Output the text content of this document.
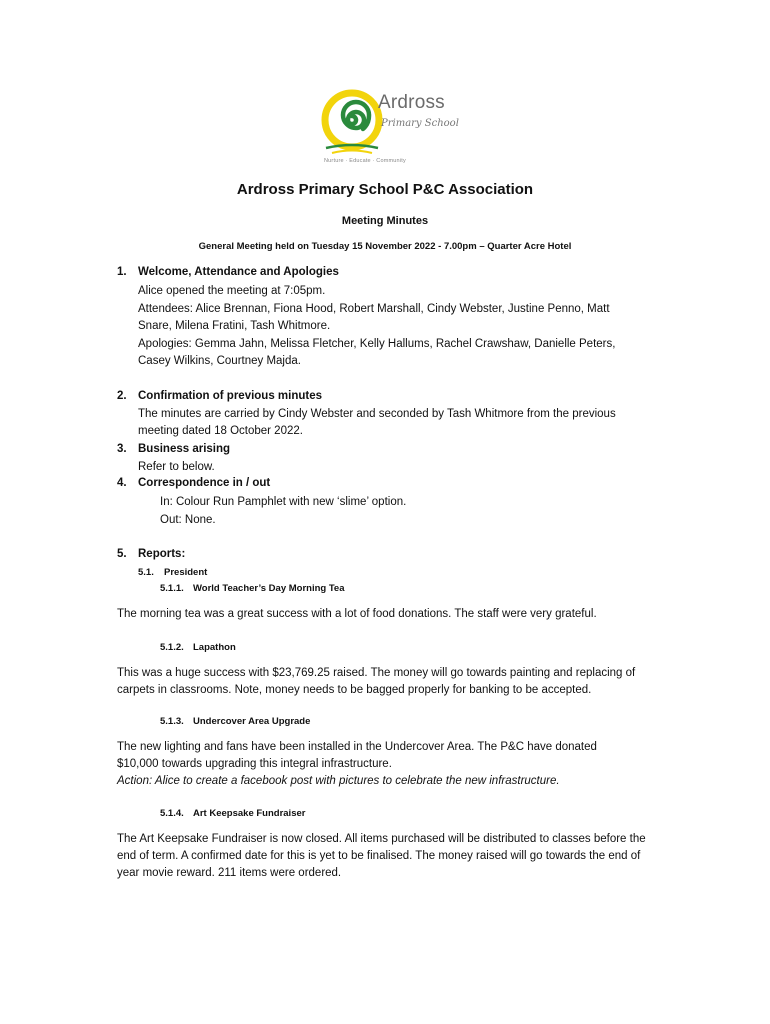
Ardross
Primary School
Nurture · Educate · Community
Ardross Primary School P&C Association
Meeting Minutes

General Meeting held on Tuesday 15 November 2022 - 7.00pm – Quarter Acre Hotel

1. Welcome, Attendance and Apologies

Alice opened the meeting at 7:05pm.

Attendees: Alice Brennan, Fiona Hood, Robert Marshall, Cindy Webster, Justine Penno, Matt Snare, Milena Fratini, Tash Whitmore.

Apologies: Gemma Jahn, Melissa Fletcher, Kelly Hallums, Rachel Crawshaw, Danielle Peters, Casey Wilkins, Courtney Majda.

2. Confirmation of previous minutes

The minutes are carried by Cindy Webster and seconded by Tash Whitmore from the previous meeting dated 18 October 2022.

3. Business arising

Refer to below.

4. Correspondence in / out

In: Colour Run Pamphlet with new ‘slime’ option.

Out: None.

5. Reports:
5.1. President
5.1.1. World Teacher’s Day Morning Tea

The morning tea was a great success with a lot of food donations. The staff were very grateful.

5.1.2. Lapathon

This was a huge success with $23,769.25 raised. The money will go towards painting and replacing of carpets in classrooms. Note, money needs to be bagged properly for banking to be accepted.

5.1.3. Undercover Area Upgrade

The new lighting and fans have been installed in the Undercover Area. The P&C have donated $10,000 towards upgrading this integral infrastructure.

Action: Alice to create a facebook post with pictures to celebrate the new infrastructure.

5.1.4. Art Keepsake Fundraiser

The Art Keepsake Fundraiser is now closed. All items purchased will be distributed to classes before the end of term. A confirmed date for this is yet to be finalised. The money raised will go towards the end of year movie reward. 211 items were ordered.
